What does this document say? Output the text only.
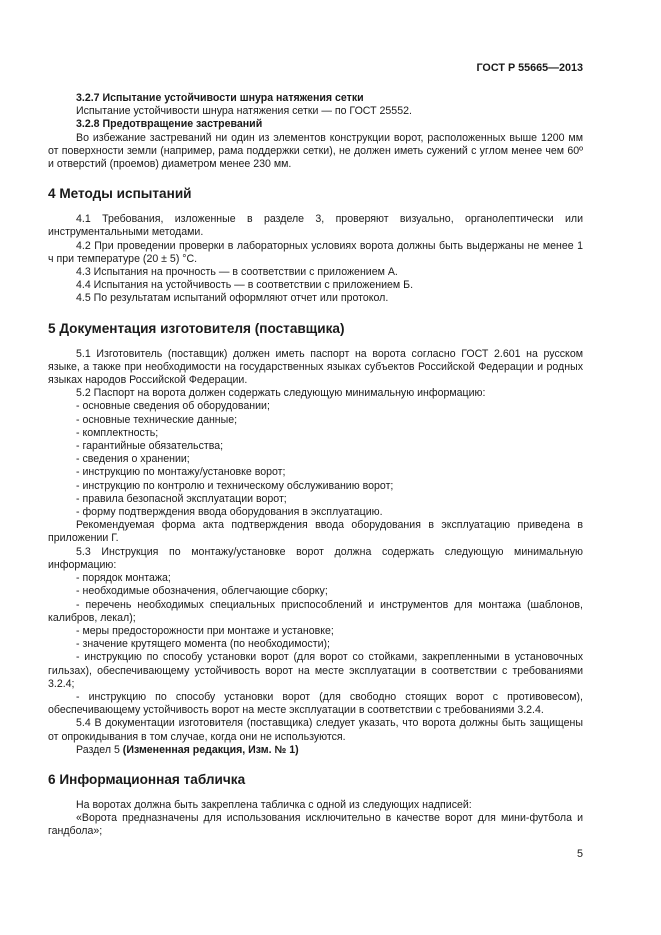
ГОСТ Р 55665—2013

3.2.7 Испытание устойчивости шнура натяжения сетки

Испытание устойчивости шнура натяжения сетки — по ГОСТ 25552.

3.2.8 Предотвращение застреваний

Во избежание застреваний ни один из элементов конструкции ворот, расположенных выше 1200 мм от поверхности земли (например, рама поддержки сетки), не должен иметь сужений с углом менее чем 60º и отверстий (проемов) диаметром менее 230 мм.

4 Методы испытаний

4.1 Требования, изложенные в разделе 3, проверяют визуально, органолептически или инструментальными методами.

4.2 При проведении проверки в лабораторных условиях ворота должны быть выдержаны не менее 1 ч при температуре (20 ± 5) °С.

4.3 Испытания на прочность — в соответствии с приложением А.

4.4 Испытания на устойчивость — в соответствии с приложением Б.

4.5 По результатам испытаний оформляют отчет или протокол.

5 Документация изготовителя (поставщика)

5.1 Изготовитель (поставщик) должен иметь паспорт на ворота согласно ГОСТ 2.601 на русском языке, а также при необходимости на государственных языках субъектов Российской Федерации и родных языках народов Российской Федерации.

5.2 Паспорт на ворота должен содержать следующую минимальную информацию:

- основные сведения об оборудовании;

- основные технические данные;

- комплектность;

- гарантийные обязательства;

- сведения о хранении;

- инструкцию по монтажу/установке ворот;

- инструкцию по контролю и техническому обслуживанию ворот;

- правила безопасной эксплуатации ворот;

- форму подтверждения ввода оборудования в эксплуатацию.

Рекомендуемая форма акта подтверждения ввода оборудования в эксплуатацию приведена в приложении Г.

5.3 Инструкция по монтажу/установке ворот должна содержать следующую минимальную информацию:

- порядок монтажа;

- необходимые обозначения, облегчающие сборку;

- перечень необходимых специальных приспособлений и инструментов для монтажа (шаблонов, калибров, лекал);

- меры предосторожности при монтаже и установке;

- значение крутящего момента (по необходимости);

- инструкцию по способу установки ворот (для ворот со стойками, закрепленными в установочных гильзах), обеспечивающему устойчивость ворот на месте эксплуатации в соответствии с требованиями 3.2.4;

- инструкцию по способу установки ворот (для свободно стоящих ворот с противовесом), обеспечивающему устойчивость ворот на месте эксплуатации в соответствии с требованиями 3.2.4.

5.4 В документации изготовителя (поставщика) следует указать, что ворота должны быть защищены от опрокидывания в том случае, когда они не используются.

Раздел 5 (Измененная редакция, Изм. № 1)

6 Информационная табличка

На воротах должна быть закреплена табличка с одной из следующих надписей:

«Ворота предназначены для использования исключительно в качестве ворот для мини-футбола и гандбола»;

5
